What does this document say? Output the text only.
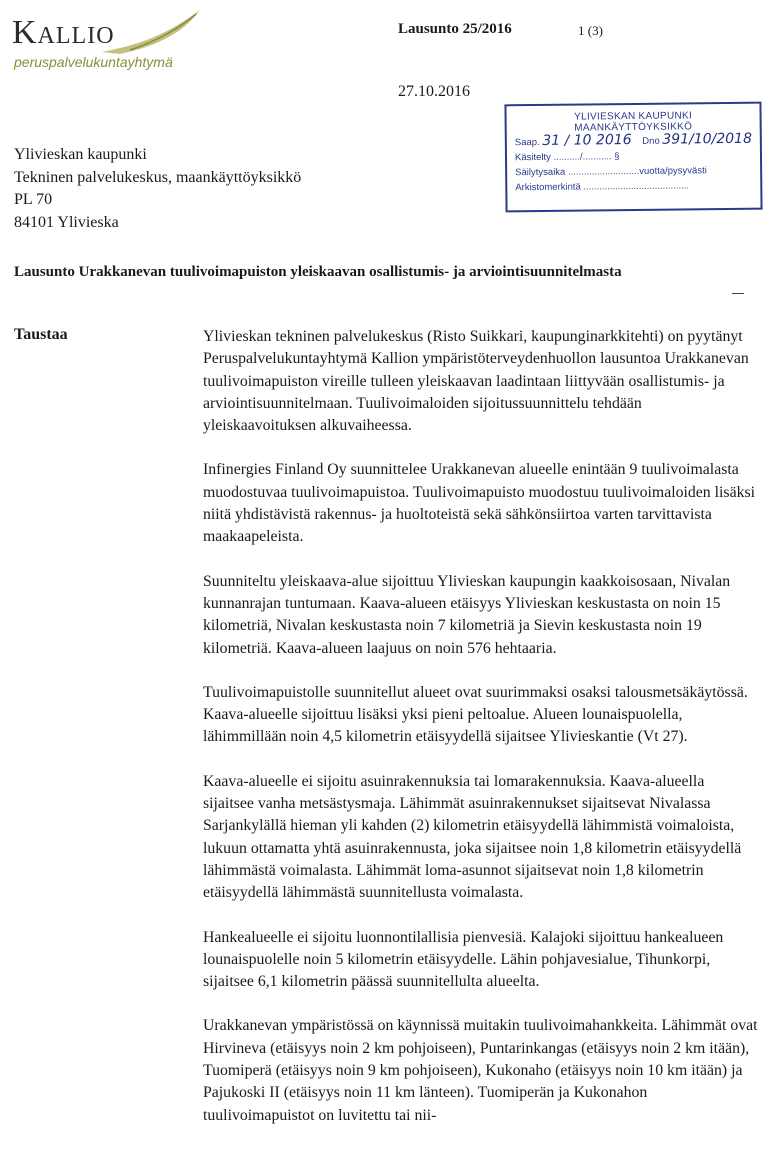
Kallio
peruspalvelukuntayhtymä
Lausunto 25/2016	1 (3)
27.10.2016
Ylivieskan kaupunki
Tekninen palvelukeskus, maankäyttöyksikkö
PL 70
84101 Ylivieska
YLIVIESKAN KAUPUNKI
MAANKÄYTTÖYKSIKKÖ
Saap. 31 / 10 2016 Dno 391/10/2018
Käsitelty ........../........... §
Säilytysaika ...........................vuotta/pysyvästi
Arkistomerkintä ........................................
Lausunto Urakkanevan tuulivoimapuiston yleiskaavan osallistumis- ja arviointisuunnitelmasta
Taustaa	Ylivieskan tekninen palvelukeskus (Risto Suikkari, kaupunginarkkitehti) on pyytänyt Peruspalvelukuntayhtymä Kallion ympäristöterveydenhuollon lausuntoa Urakkanevan tuulivoimapuiston vireille tulleen yleiskaavan laadintaan liittyvään osallistumis- ja arviointisuunnitelmaan. Tuulivoimaloiden sijoitussuunnittelu tehdään yleiskaavoituksen alkuvaiheessa.

Infinergies Finland Oy suunnittelee Urakkanevan alueelle enintään 9 tuulivoimalasta muodostuvaa tuulivoimapuistoa. Tuulivoimapuisto muodostuu tuulivoimaloiden lisäksi niitä yhdistävistä rakennus- ja huoltoteistä sekä sähkönsiirtoa varten tarvittavista maakaapeleista.

Suunniteltu yleiskaava-alue sijoittuu Ylivieskan kaupungin kaakkoisosaan, Nivalan kunnanrajan tuntumaan. Kaava-alueen etäisyys Ylivieskan keskustasta on noin 15 kilometriä, Nivalan keskustasta noin 7 kilometriä ja Sievin keskustasta noin 19 kilometriä. Kaava-alueen laajuus on noin 576 hehtaaria.

Tuulivoimapuistolle suunnitellut alueet ovat suurimmaksi osaksi talousmetsäkäytössä. Kaava-alueelle sijoittuu lisäksi yksi pieni peltoalue. Alueen lounaispuolella, lähimmillään noin 4,5 kilometrin etäisyydellä sijaitsee Ylivieskantie (Vt 27).

Kaava-alueelle ei sijoitu asuinrakennuksia tai lomarakennuksia. Kaava-alueella sijaitsee vanha metsästysmaja. Lähimmät asuinrakennukset sijaitsevat Nivalassa Sarjankylällä hieman yli kahden (2) kilometrin etäisyydellä lähimmistä voimaloista, lukuun ottamatta yhtä asuinrakennusta, joka sijaitsee noin 1,8 kilometrin etäisyydellä lähimmästä voimalasta. Lähimmät loma-asunnot sijaitsevat noin 1,8 kilometrin etäisyydellä lähimmästä suunnitellusta voimalasta.

Hankealueelle ei sijoitu luonnontilallisia pienvesiä. Kalajoki sijoittuu hankealueen lounaispuolelle noin 5 kilometrin etäisyydelle. Lähin pohjavesialue, Tihunkorpi, sijaitsee 6,1 kilometrin päässä suunnitellulta alueelta.

Urakkanevan ympäristössä on käynnissä muitakin tuulivoimahankkeita. Lähimmät ovat Hirvineva (etäisyys noin 2 km pohjoiseen), Puntarinkangas (etäisyys noin 2 km itään), Tuomiperä (etäisyys noin 9 km pohjoiseen), Kukonaho (etäisyys noin 10 km itään) ja Pajukoski II (etäisyys noin 11 km länteen). Tuomiperän ja Kukonahon tuulivoimapuistot on luvitettu tai nii-
